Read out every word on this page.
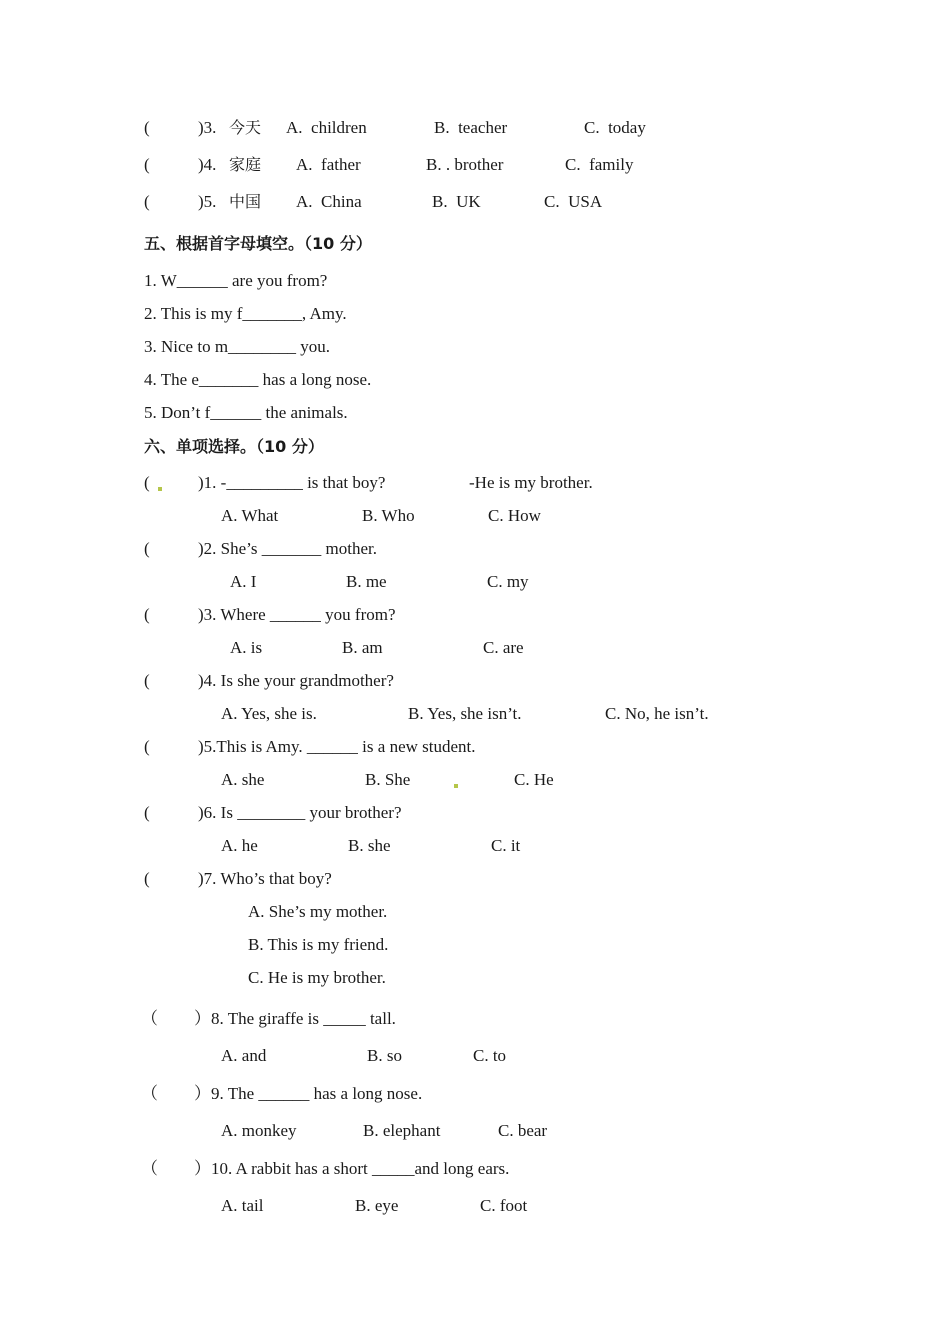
(	)3. 今天 A.  children	B.  teacher	C.  today
(	)4. 家庭 A.  father	B. . brother	C.  family
(	)5. 中国 A.  China	B.  UK	C.  USA
五、根据首字母填空。（10 分）
1. W______ are you from?
2. This is my f_______, Amy.
3. Nice to m________ you.
4. The e_______ has a long nose.
5. Don’t f______ the animals.
六、单项选择。（10 分）
(	)1. -_________ is that boy?	-He is my brother.
A. What	B. Who	C. How
(	)2. She’s _______ mother.
A. I	B. me	C. my
(	)3. Where ______ you from?
A. is	B. am	C. are
(	)4. Is she your grandmother?
A. Yes, she is.	B. Yes, she isn’t.	C. No, he isn’t.
(	)5.This is Amy. ______ is a new student.
A. she	B. She	C. He
(	)6. Is ________ your brother?
A. he	B. she	C. it
(	)7. Who’s that boy?
A. She’s my mother.
B. This is my friend.
C. He is my brother.
（ ）8. The giraffe is _____ tall.
A. and	B. so	C. to
（ ）9. The ______ has a long nose.
A. monkey	B. elephant	C. bear
（ ）10. A rabbit has a short _____and long ears.
A. tail	B. eye	C. foot
